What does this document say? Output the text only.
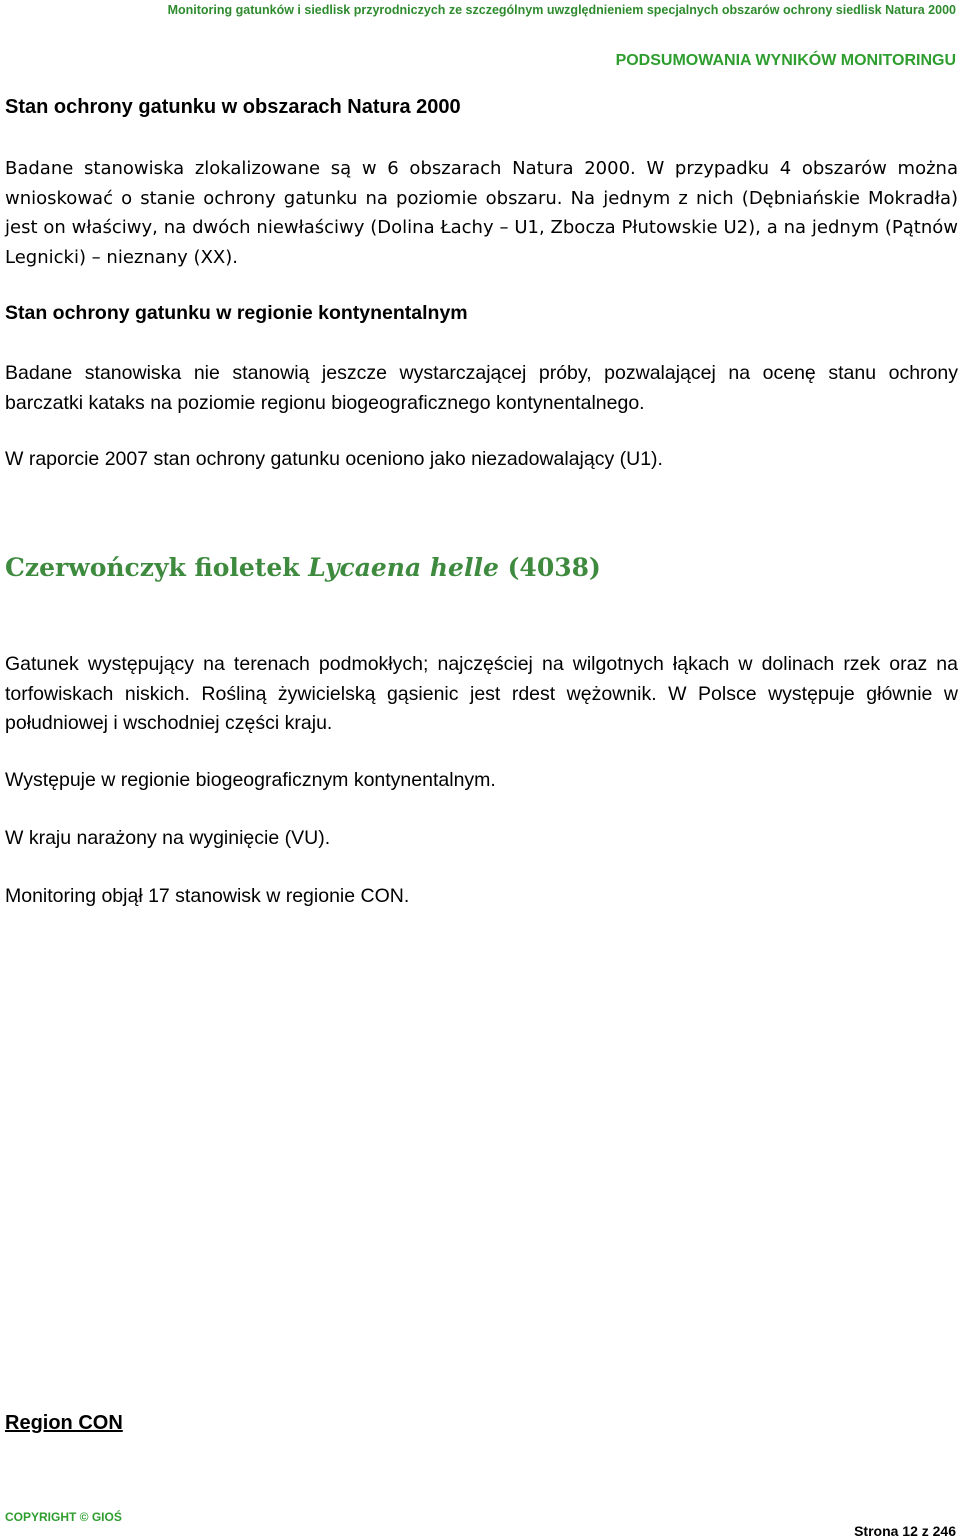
Monitoring gatunków i siedlisk przyrodniczych ze szczególnym uwzględnieniem specjalnych obszarów ochrony siedlisk Natura 2000
PODSUMOWANIA WYNIKÓW MONITORINGU
Stan ochrony gatunku w obszarach Natura 2000
Badane stanowiska zlokalizowane są w 6 obszarach Natura 2000. W przypadku 4 obszarów można wnioskować o stanie ochrony gatunku na poziomie obszaru. Na jednym z nich (Dębniańskie Mokradła) jest on właściwy, na dwóch niewłaściwy (Dolina Łachy – U1, Zbocza Płutowskie U2), a na jednym (Pątnów Legnicki) – nieznany (XX).
Stan ochrony gatunku w regionie kontynentalnym
Badane stanowiska nie stanowią jeszcze wystarczającej próby, pozwalającej na ocenę stanu ochrony barczatki kataks na poziomie regionu biogeograficznego kontynentalnego.
W raporcie 2007 stan ochrony gatunku oceniono jako niezadowalający (U1).
Czerwończyk fioletek Lycaena helle (4038)
Gatunek występujący na terenach podmokłych; najczęściej na wilgotnych łąkach w dolinach rzek oraz na torfowiskach niskich. Rośliną żywicielską gąsienic jest rdest wężownik. W Polsce występuje głównie w południowej i wschodniej części kraju.
Występuje w regionie biogeograficznym kontynentalnym.
W kraju narażony na wyginięcie (VU).
Monitoring objął 17 stanowisk w regionie CON.
Region CON
COPYRIGHT © GIOŚ
Strona 12 z 246
